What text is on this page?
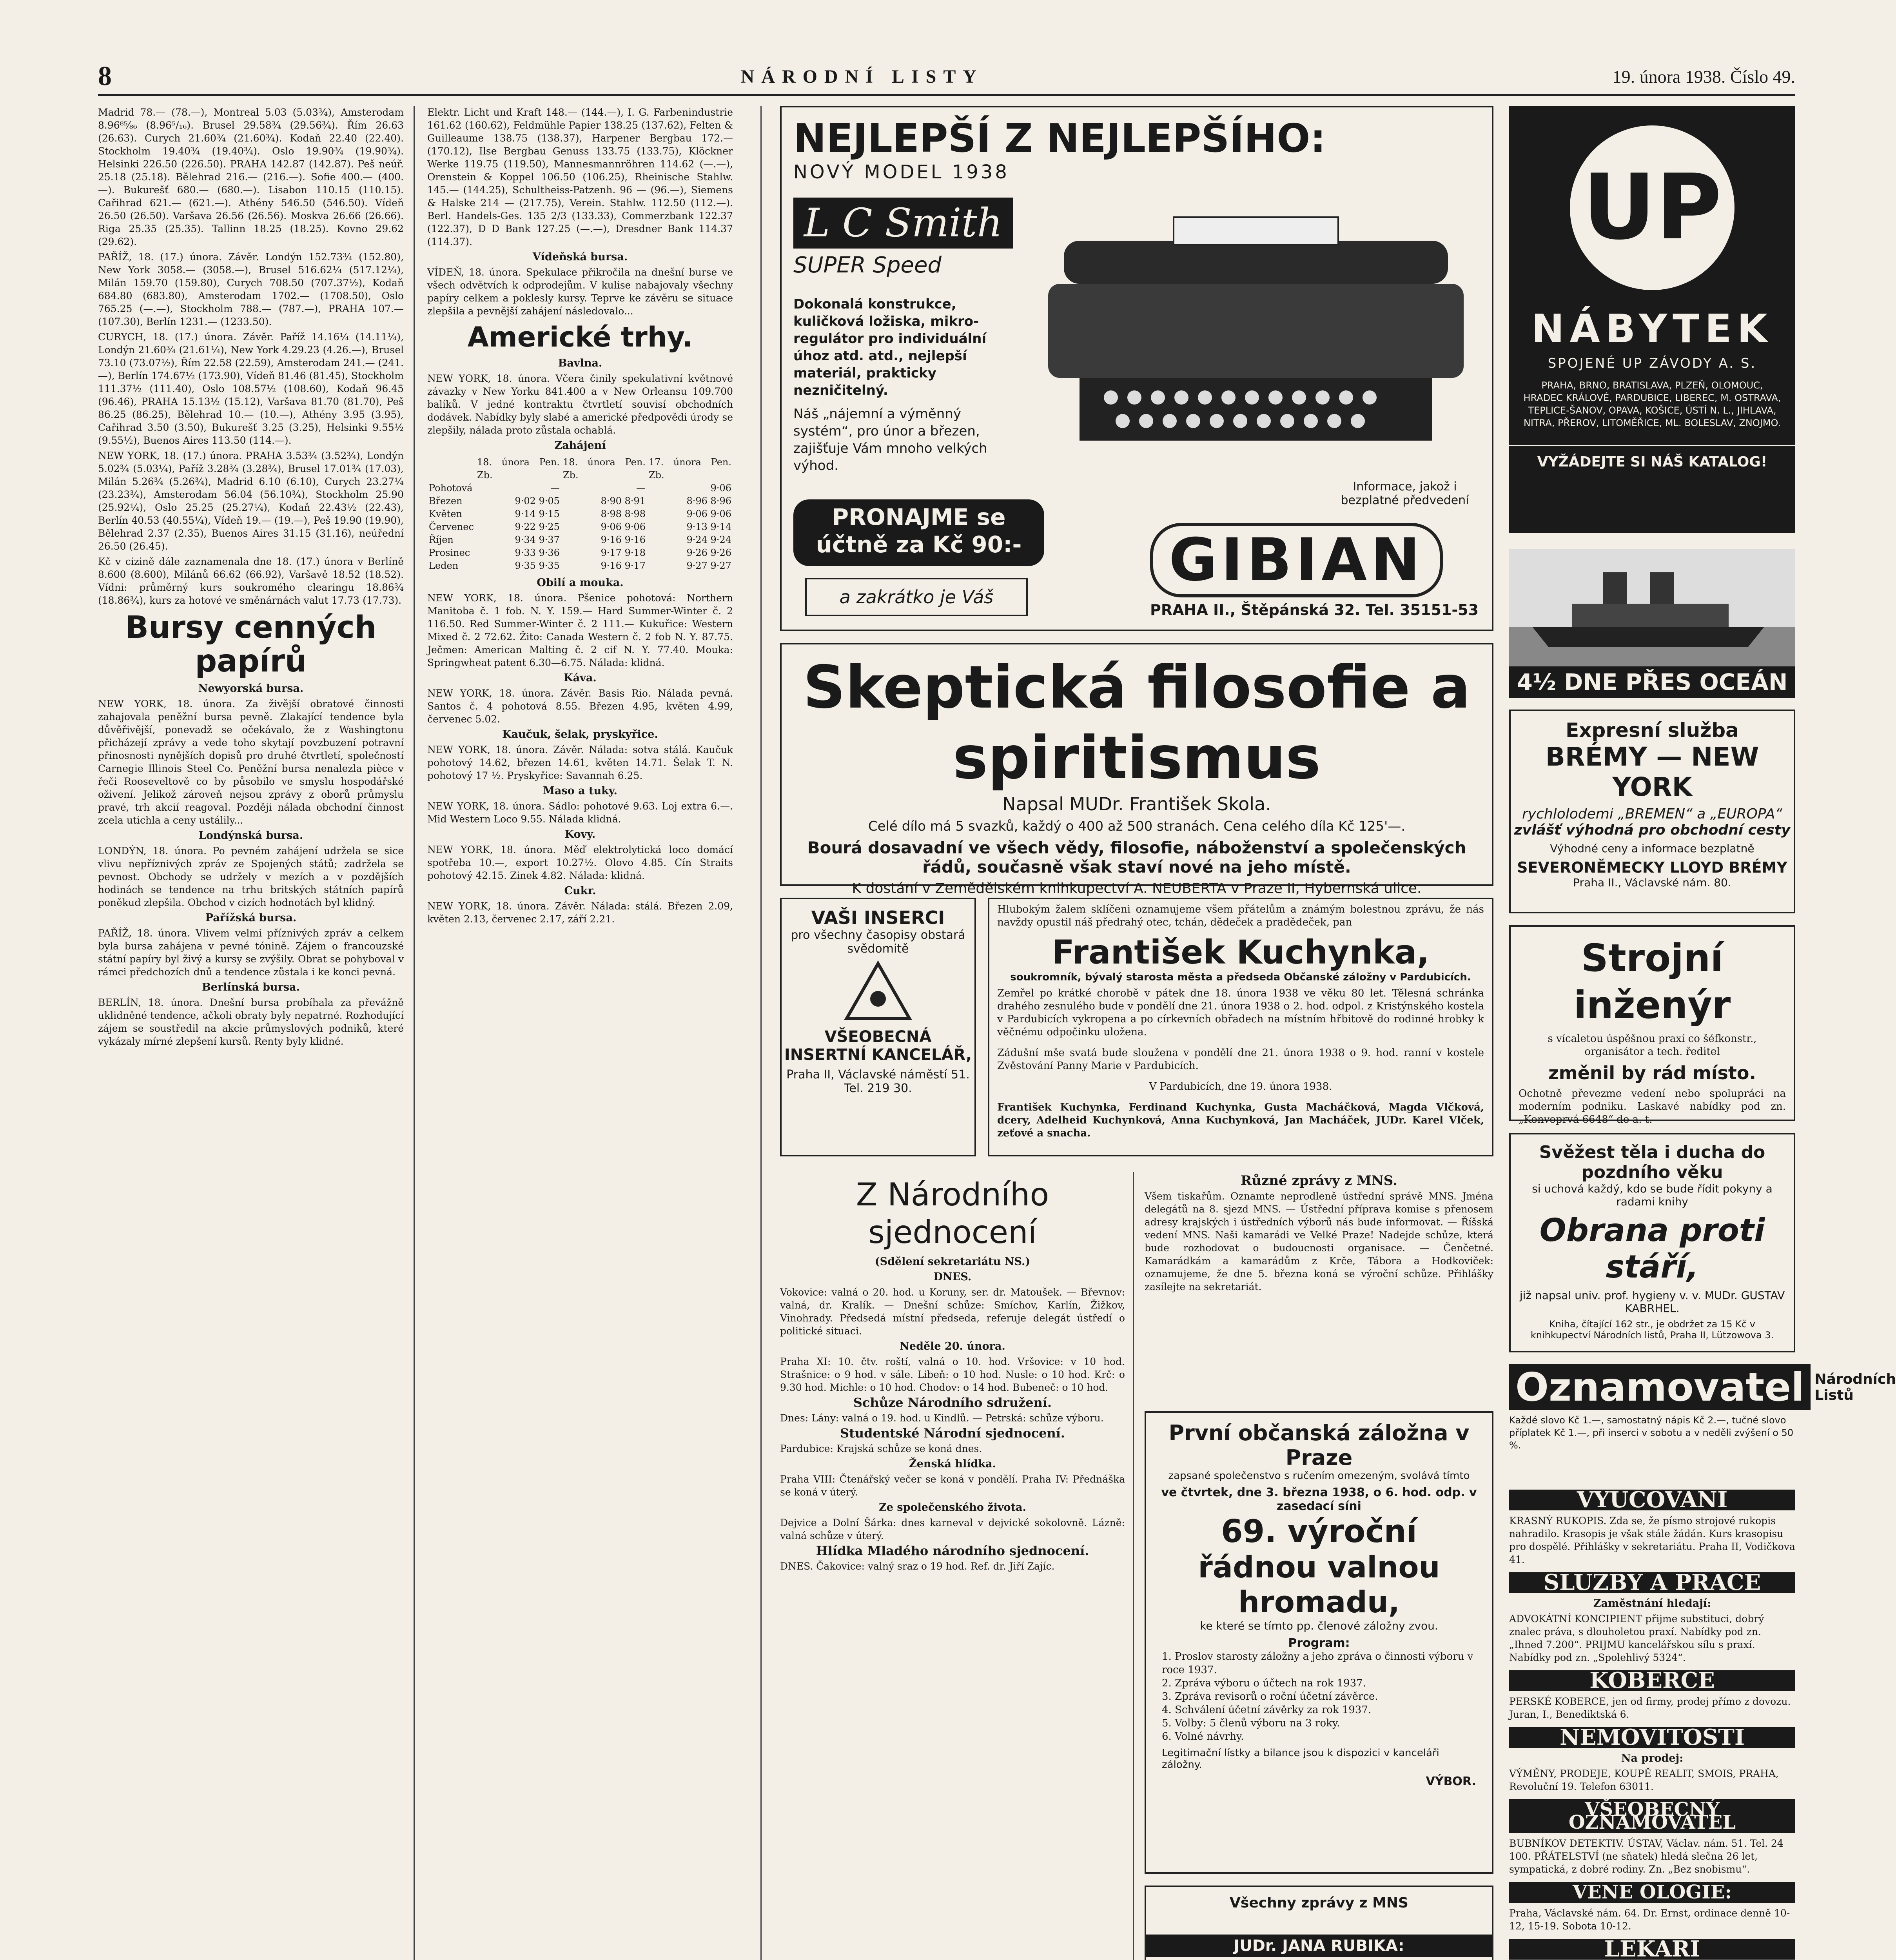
8	NÁRODNÍ LISTY	19. února 1938. Číslo 49.

Madrid 78.— (78.—), Montreal 5.03 (5.03¾), Amsterodam 8.96⁸⁵⁄₈₆ (8.96⁵/₁₆). Brusel 29.58¾ (29.56¾). Řím 26.63 (26.63). Curych 21.60¾ (21.60¾). Kodaň 22.40 (22.40). Stockholm 19.40¾ (19.40¾). Oslo 19.90¾ (19.90¾). Helsinki 226.50 (226.50). PRAHA 142.87 (142.87). Peš neúř. 25.18 (25.18). Bělehrad 216.— (216.—). Sofie 400.— (400.—). Bukurešť 680.— (680.—). Lisabon 110.15 (110.15). Cařihrad 621.— (621.—). Athény 546.50 (546.50). Vídeň 26.50 (26.50). Varšava 26.56 (26.56). Moskva 26.66 (26.66). Riga 25.35 (25.35). Tallinn 18.25 (18.25). Kovno 29.62 (29.62).

PAŘÍŽ, 18. (17.) února. Závěr. Londýn 152.73¾ (152.80), New York 3058.— (3058.—), Brusel 516.62¼ (517.12¼), Milán 159.70 (159.80), Curych 708.50 (707.37½), Kodaň 684.80 (683.80), Amsterodam 1702.— (1708.50), Oslo 765.25 (—.—), Stockholm 788.— (787.—), PRAHA 107.— (107.30), Berlín 1231.— (1233.50).

CURYCH, 18. (17.) února. Závěr. Paříž 14.16¼ (14.11¼), Londýn 21.60¾ (21.61¼), New York 4.29.23 (4.26.—), Brusel 73.10 (73.07½), Řím 22.58 (22.59), Amsterodam 241.— (241.—), Berlín 174.67½ (173.90), Vídeň 81.46 (81.45), Stockholm 111.37½ (111.40), Oslo 108.57½ (108.60), Kodaň 96.45 (96.46), PRAHA 15.13½ (15.12), Varšava 81.70 (81.70), Peš 86.25 (86.25), Bělehrad 10.— (10.—), Athény 3.95 (3.95), Cařihrad 3.50 (3.50), Bukurešť 3.25 (3.25), Helsinki 9.55½ (9.55½), Buenos Aires 113.50 (114.—).

NEW YORK, 18. (17.) února. PRAHA 3.53¾ (3.52¾), Londýn 5.02¾ (5.03¼), Paříž 3.28¾ (3.28¾), Brusel 17.01¾ (17.03), Milán 5.26¾ (5.26¾), Madrid 6.10 (6.10), Curych 23.27¼ (23.23¾), Amsterodam 56.04 (56.10¾), Stockholm 25.90 (25.92¼), Oslo 25.25 (25.27¼), Kodaň 22.43½ (22.43), Berlín 40.53 (40.55¼), Vídeň 19.— (19.—), Peš 19.90 (19.90), Bělehrad 2.37 (2.35), Buenos Aires 31.15 (31.16), neúřední 26.50 (26.45).

Kč v cizině dále zaznamenala dne 18. (17.) února v Berlíně 8.600 (8.600), Milánů 66.62 (66.92), Varšavě 18.52 (18.52). Vídni: průměrný kurs soukromého clearingu 18.86¾ (18.86¾), kurs za hotové ve směnárnách valut 17.73 (17.73).

Bursy cenných papírů
Newyorská bursa.

NEW YORK, 18. února. Za živější obratové činnosti zahajovala peněžní bursa pevně. Zlakající tendence byla důvěřivější, ponevadž se očekávalo, že z Washingtonu přicházejí zprávy a vede toho skytají povzbuzení potravní přinosnosti nynějších dopisů pro druhé čtvrtletí, společností Carnegie Illinois Steel Co. Peněžní bursa nenalezla pièce v řeči Rooseveltově co by působilo ve smyslu hospodářské oživení. Jelikož zároveň nejsou zprávy z oborů průmyslu pravé, trh akcií reagoval. Později nálada obchodní činnost zcela utichla a ceny ustálily...

Londýnská bursa.

LONDÝN, 18. února. Po pevném zahájení udržela se sice vlivu nepříznivých zpráv ze Spojených států; zadržela se pevnost. Obchody se udržely v mezích a v pozdějších hodinách se tendence na trhu britských státních papírů poněkud zlepšila. Obchod v cizích hodnotách byl klidný.

Pařížská bursa.

PAŘÍŽ, 18. února. Vlivem velmi příznivých zpráv a celkem byla bursa zahájena v pevné tónině. Zájem o francouzské státní papíry byl živý a kursy se zvýšily. Obrat se pohyboval v rámci předchozích dnů a tendence zůstala i ke konci pevná.

Berlínská bursa.

BERLÍN, 18. února. Dnešní bursa probíhala za převážně uklidněné tendence, ačkoli obraty byly nepatrné. Rozhodující zájem se soustředil na akcie průmyslových podniků, které vykázaly mírné zlepšení kursů. Renty byly klidné.

Elektr. Licht und Kraft 148.— (144.—), I. G. Farbenindustrie 161.62 (160.62), Feldmühle Papier 138.25 (137.62), Felten & Guilleaume 138.75 (138.37), Harpener Bergbau 172.— (170.12), Ilse Bergbau Genuss 133.75 (133.75), Klöckner Werke 119.75 (119.50), Mannesmannröhren 114.62 (—.—), Orenstein & Koppel 106.50 (106.25), Rheinische Stahlw. 145.— (144.25), Schultheiss-Patzenh. 96 — (96.—), Siemens & Halske 214 — (217.75), Verein. Stahlw. 112.50 (112.—). Berl. Handels-Ges. 135 2/3 (133.33), Commerzbank 122.37 (122.37), D D Bank 127.25 (—.—), Dresdner Bank 114.37 (114.37).

Vídeňská bursa.

VÍDEŇ, 18. února. Spekulace přikročila na dnešní burse ve všech odvětvích k odprodejům. V kulise nabajovaly všechny papíry celkem a poklesly kursy. Teprve ke závěru se situace zlepšila a pevnější zahájení následovalo...

Americké trhy.
Bavlna.

NEW YORK, 18. února. Včera činily spekulativní květnové závazky v New Yorku 841.400 a v New Orleansu 109.700 balíků. V jedné kontraktu čtvrtletí souvisí obchodních dodávek. Nabídky byly slabé a americké předpovědi úrody se zlepšily, nálada proto zůstala ochablá.

Zahájení
	18. února Pen. Zb.	18. února Pen. Zb.	17. února Pen. Zb.
Pohotová	—	—	9·06
Březen	9·02 9·05	8·90 8·91	8·96 8·96
Květen	9·14 9·15	8·98 8·98	9·06 9·06
Červenec	9·22 9·25	9·06 9·06	9·13 9·14
Říjen	9·34 9·37	9·16 9·16	9·24 9·24
Prosinec	9·33 9·36	9·17 9·18	9·26 9·26
Leden	9·35 9·35	9·16 9·17	9·27 9·27
Obilí a mouka.

NEW YORK, 18. února. Pšenice pohotová: Northern Manitoba č. 1 fob. N. Y. 159.— Hard Summer-Winter č. 2 116.50. Red Summer-Winter č. 2 111.— Kukuřice: Western Mixed č. 2 72.62. Žito: Canada Western č. 2 fob N. Y. 87.75. Ječmen: American Malting č. 2 cif N. Y. 77.40. Mouka: Springwheat patent 6.30—6.75. Nálada: klidná.

Káva.

NEW YORK, 18. února. Závěr. Basis Rio. Nálada pevná. Santos č. 4 pohotová 8.55. Březen 4.95, květen 4.99, červenec 5.02.

Kaučuk, šelak, pryskyřice.

NEW YORK, 18. února. Závěr. Nálada: sotva stálá. Kaučuk pohotový 14.62, březen 14.61, květen 14.71. Šelak T. N. pohotový 17 ½. Pryskyřice: Savannah 6.25.

Maso a tuky.

NEW YORK, 18. února. Sádlo: pohotové 9.63. Loj extra 6.—. Mid Western Loco 9.55. Nálada klidná.

Kovy.

NEW YORK, 18. února. Měď elektrolytická loco domácí spotřeba 10.—, export 10.27½. Olovo 4.85. Cín Straits pohotový 42.15. Zinek 4.82. Nálada: klidná.

Cukr.

NEW YORK, 18. února. Závěr. Nálada: stálá. Březen 2.09, květen 2.13, červenec 2.17, září 2.21.

NEJLEPŠÍ Z NEJLEPŠÍHO:
NOVÝ MODEL 1938
L C Smith
SUPER Speed
Dokonalá konstrukce, kuličková ložiska, mikro-regulátor pro individuální úhoz atd. atd., nejlepší materiál, prakticky nezničitelný.
Náš „nájemní a výměnný systém“, pro únor a březen, zajišťuje Vám mnoho velkých výhod.
PRONAJME se účtně za Kč 90:-
a zakrátko je Váš
GIBIAN
Informace, jakož i bezplatné předvedení
PRAHA II., Štěpánská 32. Tel. 35151-53
UP
NÁBYTEK
SPOJENÉ UP ZÁVODY A. S.
PRAHA, BRNO, BRATISLAVA, PLZEŇ, OLOMOUC, HRADEC KRÁLOVÉ, PARDUBICE, LIBEREC, M. OSTRAVA, TEPLICE-ŠANOV, OPAVA, KOŠICE, ÚSTÍ N. L., JIHLAVA, NITRA, PŘEROV, LITOMĚŘICE, ML. BOLESLAV, ZNOJMO.
VYŽÁDEJTE SI NÁŠ KATALOG!
4½ DNE PŘES OCEÁN
Expresní služba
BRÉMY — NEW YORK
rychlolodemi „BREMEN“ a „EUROPA“
zvlášť výhodná pro obchodní cesty
Výhodné ceny a informace bezplatně
SEVERONĚMECKY LLOYD BRÉMY
Praha II., Václavské nám. 80.
Skeptická filosofie a spiritismus
Napsal MUDr. František Skola.
Celé dílo má 5 svazků, každý o 400 až 500 stranách. Cena celého díla Kč 125'—.
Bourá dosavadní ve všech vědy, filosofie, náboženství a společenských řádů, současně však staví nové na jeho místě.
K dostání v Zemědělském knihkupectví A. NEUBERTA v Praze II, Hybernská ulice.
VAŠI INSERCI
pro všechny časopisy obstará svědomitě
VŠEOBECNÁ INSERTNÍ KANCELÁŘ,
Praha II, Václavské náměstí 51. Tel. 219 30.
Hlubokým žalem sklíčeni oznamujeme všem přátelům a známým bolestnou zprávu, že nás navždy opustil náš předrahý otec, tchán, dědeček a pradědeček, pan
František Kuchynka,
soukromník, bývalý starosta města a předseda Občanské záložny v Pardubicích.
Zemřel po krátké chorobě v pátek dne 18. února 1938 ve věku 80 let. Tělesná schránka drahého zesnulého bude v pondělí dne 21. února 1938 o 2. hod. odpol. z Kristýnského kostela v Pardubicích vykropena a po církevních obřadech na místním hřbitově do rodinné hrobky k věčnému odpočinku uložena.
Zádušní mše svatá bude sloužena v pondělí dne 21. února 1938 o 9. hod. ranní v kostele Zvěstování Panny Marie v Pardubicích.
V Pardubicích, dne 19. února 1938.
František Kuchynka, Ferdinand Kuchynka, Gusta Macháčková, Magda Vlčková, dcery, Adelheid Kuchynková, Anna Kuchynková, Jan Macháček, JUDr. Karel Vlček, zeťové a snacha.
Z Národního sjednocení
(Sdělení sekretariátu NS.)
DNES.

Vokovice: valná o 20. hod. u Koruny, ser. dr. Matoušek. — Břevnov: valná, dr. Kralík. — Dnešní schůze: Smíchov, Karlín, Žižkov, Vinohrady. Předsedá místní předseda, referuje delegát ústředí o politické situaci.

Neděle 20. února.

Praha XI: 10. čtv. roští, valná o 10. hod. Vršovice: v 10 hod. Strašnice: o 9 hod. v sále. Libeň: o 10 hod. Nusle: o 10 hod. Krč: o 9.30 hod. Michle: o 10 hod. Chodov: o 14 hod. Bubeneč: o 10 hod.

Schůze Národního sdružení.

Dnes: Lány: valná o 19. hod. u Kindlů. — Petrská: schůze výboru.

Studentské Národní sjednocení.

Pardubice: Krajská schůze se koná dnes.

Ženská hlídka.

Praha VIII: Čtenářský večer se koná v pondělí. Praha IV: Přednáška se koná v úterý.

Ze společenského života.

Dejvice a Dolní Šárka: dnes karneval v dejvické sokolovně. Lázně: valná schůze v úterý.

Hlídka Mladého národního sjednocení.

DNES. Čakovice: valný sraz o 19 hod. Ref. dr. Jiří Zajíc.

Různé zprávy z MNS.

Všem tiskařům. Oznamte neprodleně ústřední správě MNS. Jména delegátů na 8. sjezd MNS. — Ústřední příprava komise s přenosem adresy krajských i ústředních výborů nás bude informovat. — Říšská vedení MNS. Naši kamarádi ve Velké Praze! Nadejde schůze, která bude rozhodovat o budoucnosti organisace. — Čenčetné. Kamarádkám a kamarádům z Krče, Tábora a Hodkoviček: oznamujeme, že dne 5. března koná se výroční schůze. Přihlášky zasílejte na sekretariát.

První občanská záložna v Praze
zapsané společenstvo s ručením omezeným, svolává tímto
ve čtvrtek, dne 3. března 1938, o 6. hod. odp. v zasedací síni
69. výroční
řádnou valnou hromadu,
ke které se tímto pp. členové záložny zvou.
Program:
1. Proslov starosty záložny a jeho zpráva o činnosti výboru v roce 1937.
2. Zpráva výboru o účtech na rok 1937.
3. Zpráva revisorů o roční účetní závěrce.
4. Schválení účetní závěrky za rok 1937.
5. Volby: 5 členů výboru na 3 roky.
6. Volné návrhy.
Legitimační lístky a bilance jsou k dispozici v kanceláři záložny.
VÝBOR.
Všechny zprávy z MNS
JUDr. JANA RUBIKA:
Strojní inženýr
s vícaletou úspěšnou praxí co šéfkonstr., organisátor a tech. ředitel
změnil by rád místo.
Ochotně převezme vedení nebo spolupráci na moderním podniku. Laskavé nabídky pod zn. „Konvoprvá 6648“ do a. t.
Svěžest těla i ducha do pozdního věku
si uchová každý, kdo se bude řídit pokyny a radami knihy
Obrana proti stáří,
již napsal univ. prof. hygieny v. v. MUDr. GUSTAV KABRHEL.
Kniha, čítající 162 str., je obdržet za 15 Kč v knihkupectví Národních listů, Praha II, Lützowova 3.
Oznamovatel Národních Listů
Každé slovo Kč 1.—, samostatný nápis Kč 2.—, tučné slovo příplatek Kč 1.—, při inserci v sobotu a v neděli zvýšení o 50 %.
VYUČOVÁNÍ

KRASNÝ RUKOPIS. Zda se, že písmo strojové rukopis nahradilo. Krasopis je však stále žádán. Kurs krasopisu pro dospělé. Přihlášky v sekretariátu. Praha II, Vodičkova 41.

SLUŽBY A PRÁCE
Zaměstnání hledají:

ADVOKÁTNÍ KONCIPIENT přijme substituci, dobrý znalec práva, s dlouholetou praxí. Nabídky pod zn. „Ihned 7.200“. PRIJMU kancelářskou sílu s praxí. Nabídky pod zn. „Spolehlivý 5324“.

KOBERCE

PERSKÉ KOBERCE, jen od firmy, prodej přímo z dovozu. Juran, I., Benediktská 6.

NEMOVITOSTI
Na prodej:

VÝMĚNY, PRODEJE, KOUPĚ REALIT, SMOIS, PRAHA, Revoluční 19. Telefon 63011.

VŠEOBECNÝ OZNAMOVATEL

BUBNÍKOV DETEKTIV. ÚSTAV, Václav. nám. 51. Tel. 24 100. PŘÁTELSTVÍ (ne sňatek) hledá slečna 26 let, sympatická, z dobré rodiny. Zn. „Bez snobismu“.

VENE OLOGIE:

Praha, Václavské nám. 64. Dr. Ernst, ordinace denně 10-12, 15-19. Sobota 10-12.

LÉKAŘI
